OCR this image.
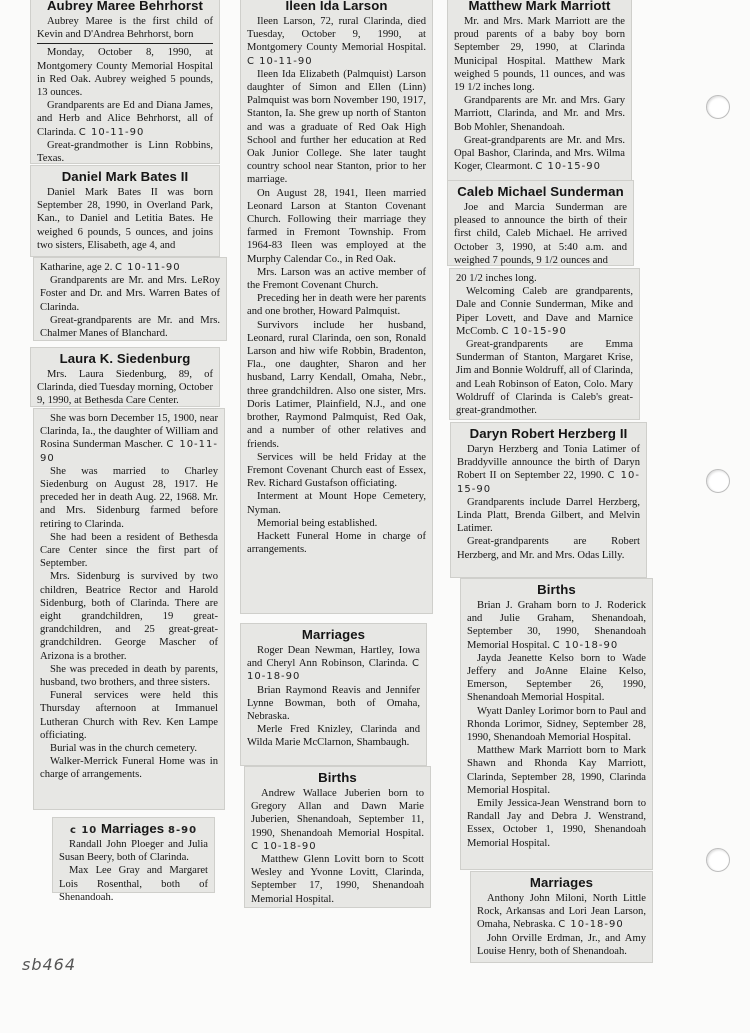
Aubrey Maree Behrhorst

Aubrey Maree is the first child of Kevin and D'Andrea Behrhorst, born

Monday, October 8, 1990, at Montgomery County Memorial Hospital in Red Oak. Aubrey weighed 5 pounds, 13 ounces.

Grandparents are Ed and Diana James, and Herb and Alice Behrhorst, all of Clarinda. C 10-11-90

Great-grandmother is Linn Robbins, Texas.

Daniel Mark Bates II

Daniel Mark Bates II was born September 28, 1990, in Overland Park, Kan., to Daniel and Letitia Bates. He weighed 6 pounds, 5 ounces, and joins two sisters, Elisabeth, age 4, and

Katharine, age 2. C 10-11-90

Grandparents are Mr. and Mrs. LeRoy Foster and Dr. and Mrs. Warren Bates of Clarinda.

Great-grandparents are Mr. and Mrs. Chalmer Manes of Blanchard.

Laura K. Siedenburg

Mrs. Laura Siedenburg, 89, of Clarinda, died Tuesday morning, October 9, 1990, at Bethesda Care Center.

She was born December 15, 1900, near Clarinda, Ia., the daughter of William and Rosina Sunderman Mascher. C 10-11-90

She was married to Charley Siedenburg on August 28, 1917. He preceded her in death Aug. 22, 1968. Mr. and Mrs. Sidenburg farmed before retiring to Clarinda.

She had been a resident of Bethesda Care Center since the first part of September.

Mrs. Sidenburg is survived by two children, Beatrice Rector and Harold Sidenburg, both of Clarinda. There are eight grandchildren, 19 great-grandchildren, and 25 great-great-grandchildren. George Mascher of Arizona is a brother.

She was preceded in death by parents, husband, two brothers, and three sisters.

Funeral services were held this Thursday afternoon at Immanuel Lutheran Church with Rev. Ken Lampe officiating.

Burial was in the church cemetery.

Walker-Merrick Funeral Home was in charge of arrangements.

c 10 Marriages 8-90

Randall John Ploeger and Julia Susan Beery, both of Clarinda.

Max Lee Gray and Margaret Lois Rosenthal, both of Shenandoah.

Ileen Ida Larson

Ileen Larson, 72, rural Clarinda, died Tuesday, October 9, 1990, at Montgomery County Memorial Hospital. C 10-11-90

Ileen Ida Elizabeth (Palmquist) Larson daughter of Simon and Ellen (Linn) Palmquist was born November 190, 1917, Stanton, Ia. She grew up north of Stanton and was a graduate of Red Oak High School and further her education at Red Oak Junior College. She later taught country school near Stanton, prior to her marriage.

On August 28, 1941, Ileen married Leonard Larson at Stanton Covenant Church. Following their marriage they farmed in Fremont Township. From 1964-83 Ileen was employed at the Murphy Calendar Co., in Red Oak.

Mrs. Larson was an active member of the Fremont Covenant Church.

Preceding her in death were her parents and one brother, Howard Palmquist.

Survivors include her husband, Leonard, rural Clarinda, oen son, Ronald Larson and hiw wife Robbin, Bradenton, Fla., one daughter, Sharon and her husband, Larry Kendall, Omaha, Nebr., three grandchildren. Also one sister, Mrs. Doris Latimer, Plainfield, N.J., and one brother, Raymond Palmquist, Red Oak, and a number of other relatives and friends.

Services will be held Friday at the Fremont Covenant Church east of Essex, Rev. Richard Gustafson officiating.

Interment at Mount Hope Cemetery, Nyman.

Memorial being established.

Hackett Funeral Home in charge of arrangements.

Marriages

Roger Dean Newman, Hartley, Iowa and Cheryl Ann Robinson, Clarinda. C 10-18-90

Brian Raymond Reavis and Jennifer Lynne Bowman, both of Omaha, Nebraska.

Merle Fred Knizley, Clarinda and Wilda Marie McClarnon, Shambaugh.

Births

Andrew Wallace Juberien born to Gregory Allan and Dawn Marie Juberien, Shenandoah, September 11, 1990, Shenandoah Memorial Hospital. C 10-18-90

Matthew Glenn Lovitt born to Scott Wesley and Yvonne Lovitt, Clarinda, September 17, 1990, Shenandoah Memorial Hospital.

Matthew Mark Marriott

Mr. and Mrs. Mark Marriott are the proud parents of a baby boy born September 29, 1990, at Clarinda Municipal Hospital. Matthew Mark weighed 5 pounds, 11 ounces, and was 19 1/2 inches long.

Grandparents are Mr. and Mrs. Gary Marriott, Clarinda, and Mr. and Mrs. Bob Mohler, Shenandoah.

Great-grandparents are Mr. and Mrs. Opal Bashor, Clarinda, and Mrs. Wilma Koger, Clearmont. C 10-15-90

Caleb Michael Sunderman

Joe and Marcia Sunderman are pleased to announce the birth of their first child, Caleb Michael. He arrived October 3, 1990, at 5:40 a.m. and weighed 7 pounds, 9 1/2 ounces and

20 1/2 inches long.

Welcoming Caleb are grandparents, Dale and Connie Sunderman, Mike and Piper Lovett, and Dave and Marnice McComb. C 10-15-90

Great-grandparents are Emma Sunderman of Stanton, Margaret Krise, Jim and Bonnie Woldruff, all of Clarinda, and Leah Robinson of Eaton, Colo. Mary Woldruff of Clarinda is Caleb's great-great-grandmother.

Daryn Robert Herzberg II

Daryn Herzberg and Tonia Latimer of Braddyville announce the birth of Daryn Robert II on September 22, 1990. C 10-15-90

Grandparents include Darrel Herzberg, Linda Platt, Brenda Gilbert, and Melvin Latimer.

Great-grandparents are Robert Herzberg, and Mr. and Mrs. Odas Lilly.

Births

Brian J. Graham born to J. Roderick and Julie Graham, Shenandoah, September 30, 1990, Shenandoah Memorial Hospital. C 10-18-90

Jayda Jeanette Kelso born to Wade Jeffery and JoAnne Elaine Kelso, Emerson, September 26, 1990, Shenandoah Memorial Hospital.

Wyatt Danley Lorimor born to Paul and Rhonda Lorimor, Sidney, September 28, 1990, Shenandoah Memorial Hospital.

Matthew Mark Marriott born to Mark Shawn and Rhonda Kay Marriott, Clarinda, September 28, 1990, Clarinda Memorial Hospital.

Emily Jessica-Jean Wenstrand born to Randall Jay and Debra J. Wenstrand, Essex, October 1, 1990, Shenandoah Memorial Hospital.

Marriages

Anthony John Miloni, North Little Rock, Arkansas and Lori Jean Larson, Omaha, Nebraska. C 10-18-90

John Orville Erdman, Jr., and Amy Louise Henry, both of Shenandoah.

sb464
